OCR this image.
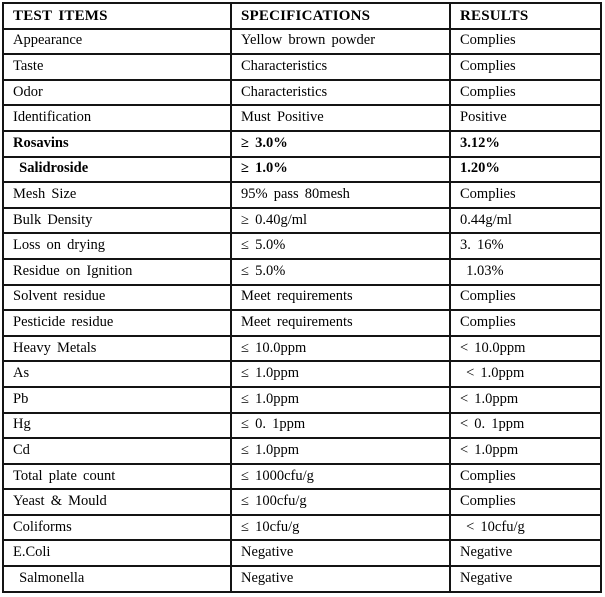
TEST ITEMS	SPECIFICATIONS	RESULTS
Appearance	Yellow brown powder	Complies
Taste	Characteristics	Complies
Odor	Characteristics	Complies
Identification	Must Positive	Positive
Rosavins	≥ 3.0%	3.12%
Salidroside	≥ 1.0%	1.20%
Mesh Size	95% pass 80mesh	Complies
Bulk Density	≥ 0.40g/ml	0.44g/ml
Loss on drying	≤ 5.0%	3. 16%
Residue on Ignition	≤ 5.0%	1.03%
Solvent residue	Meet requirements	Complies
Pesticide residue	Meet requirements	Complies
Heavy Metals	≤ 10.0ppm	< 10.0ppm
As	≤ 1.0ppm	< 1.0ppm
Pb	≤ 1.0ppm	< 1.0ppm
Hg	≤ 0. 1ppm	< 0. 1ppm
Cd	≤ 1.0ppm	< 1.0ppm
Total plate count	≤ 1000cfu/g	Complies
Yeast & Mould	≤ 100cfu/g	Complies
Coliforms	≤ 10cfu/g	< 10cfu/g
E.Coli	Negative	Negative
Salmonella	Negative	Negative
